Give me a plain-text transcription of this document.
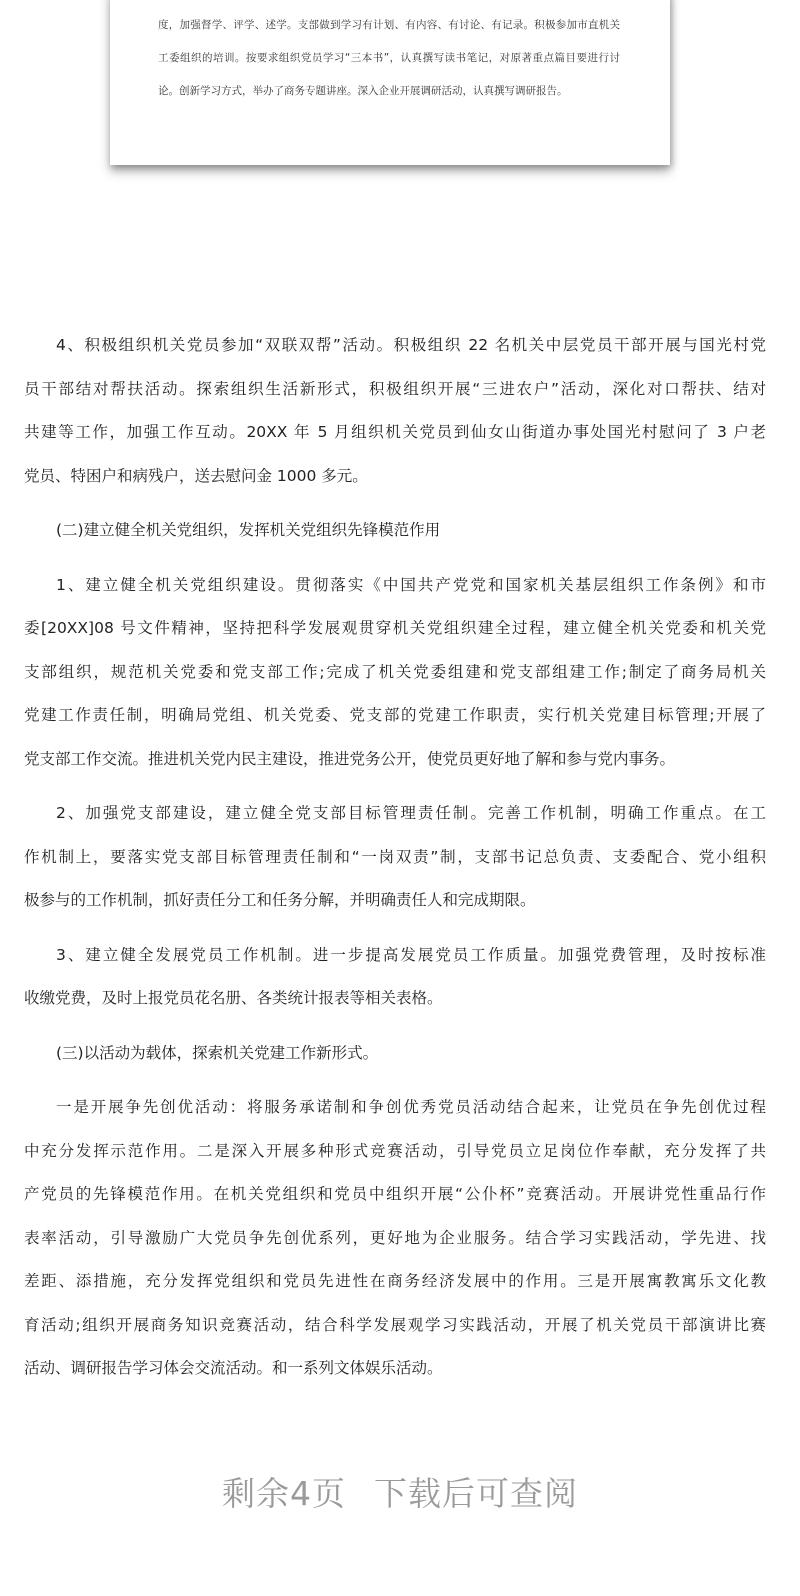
度，加强督学、评学、述学。支部做到学习有计划、有内容、有讨论、有记录。积极参加市直机关
工委组织的培训。按要求组织党员学习“三本书”，认真撰写读书笔记，对原著重点篇目要进行讨
论。创新学习方式，举办了商务专题讲座。深入企业开展调研活动，认真撰写调研报告。
4、积极组织机关党员参加“双联双帮”活动。积极组织 22 名机关中层党员干部开展与国光村党
员干部结对帮扶活动。探索组织生活新形式，积极组织开展“三进农户”活动，深化对口帮扶、结对
共建等工作，加强工作互动。20XX 年 5 月组织机关党员到仙女山街道办事处国光村慰问了 3 户老
党员、特困户和病残户，送去慰问金 1000 多元。
(二)建立健全机关党组织，发挥机关党组织先锋模范作用
1、建立健全机关党组织建设。贯彻落实《中国共产党党和国家机关基层组织工作条例》和市
委[20XX]08 号文件精神，坚持把科学发展观贯穿机关党组织建全过程，建立健全机关党委和机关党
支部组织，规范机关党委和党支部工作;完成了机关党委组建和党支部组建工作;制定了商务局机关
党建工作责任制，明确局党组、机关党委、党支部的党建工作职责，实行机关党建目标管理;开展了
党支部工作交流。推进机关党内民主建设，推进党务公开，使党员更好地了解和参与党内事务。
2、加强党支部建设，建立健全党支部目标管理责任制。完善工作机制，明确工作重点。在工
作机制上，要落实党支部目标管理责任制和“一岗双责”制，支部书记总负责、支委配合、党小组积
极参与的工作机制，抓好责任分工和任务分解，并明确责任人和完成期限。
3、建立健全发展党员工作机制。进一步提高发展党员工作质量。加强党费管理，及时按标准
收缴党费，及时上报党员花名册、各类统计报表等相关表格。
(三)以活动为载体，探索机关党建工作新形式。
一是开展争先创优活动：将服务承诺制和争创优秀党员活动结合起来，让党员在争先创优过程
中充分发挥示范作用。二是深入开展多种形式竞赛活动，引导党员立足岗位作奉献，充分发挥了共
产党员的先锋模范作用。在机关党组织和党员中组织开展“公仆杯”竞赛活动。开展讲党性重品行作
表率活动，引导激励广大党员争先创优系列，更好地为企业服务。结合学习实践活动，学先进、找
差距、添措施，充分发挥党组织和党员先进性在商务经济发展中的作用。三是开展寓教寓乐文化教
育活动;组织开展商务知识竞赛活动，结合科学发展观学习实践活动，开展了机关党员干部演讲比赛
活动、调研报告学习体会交流活动。和一系列文体娱乐活动。
剩余4页 下载后可查阅
